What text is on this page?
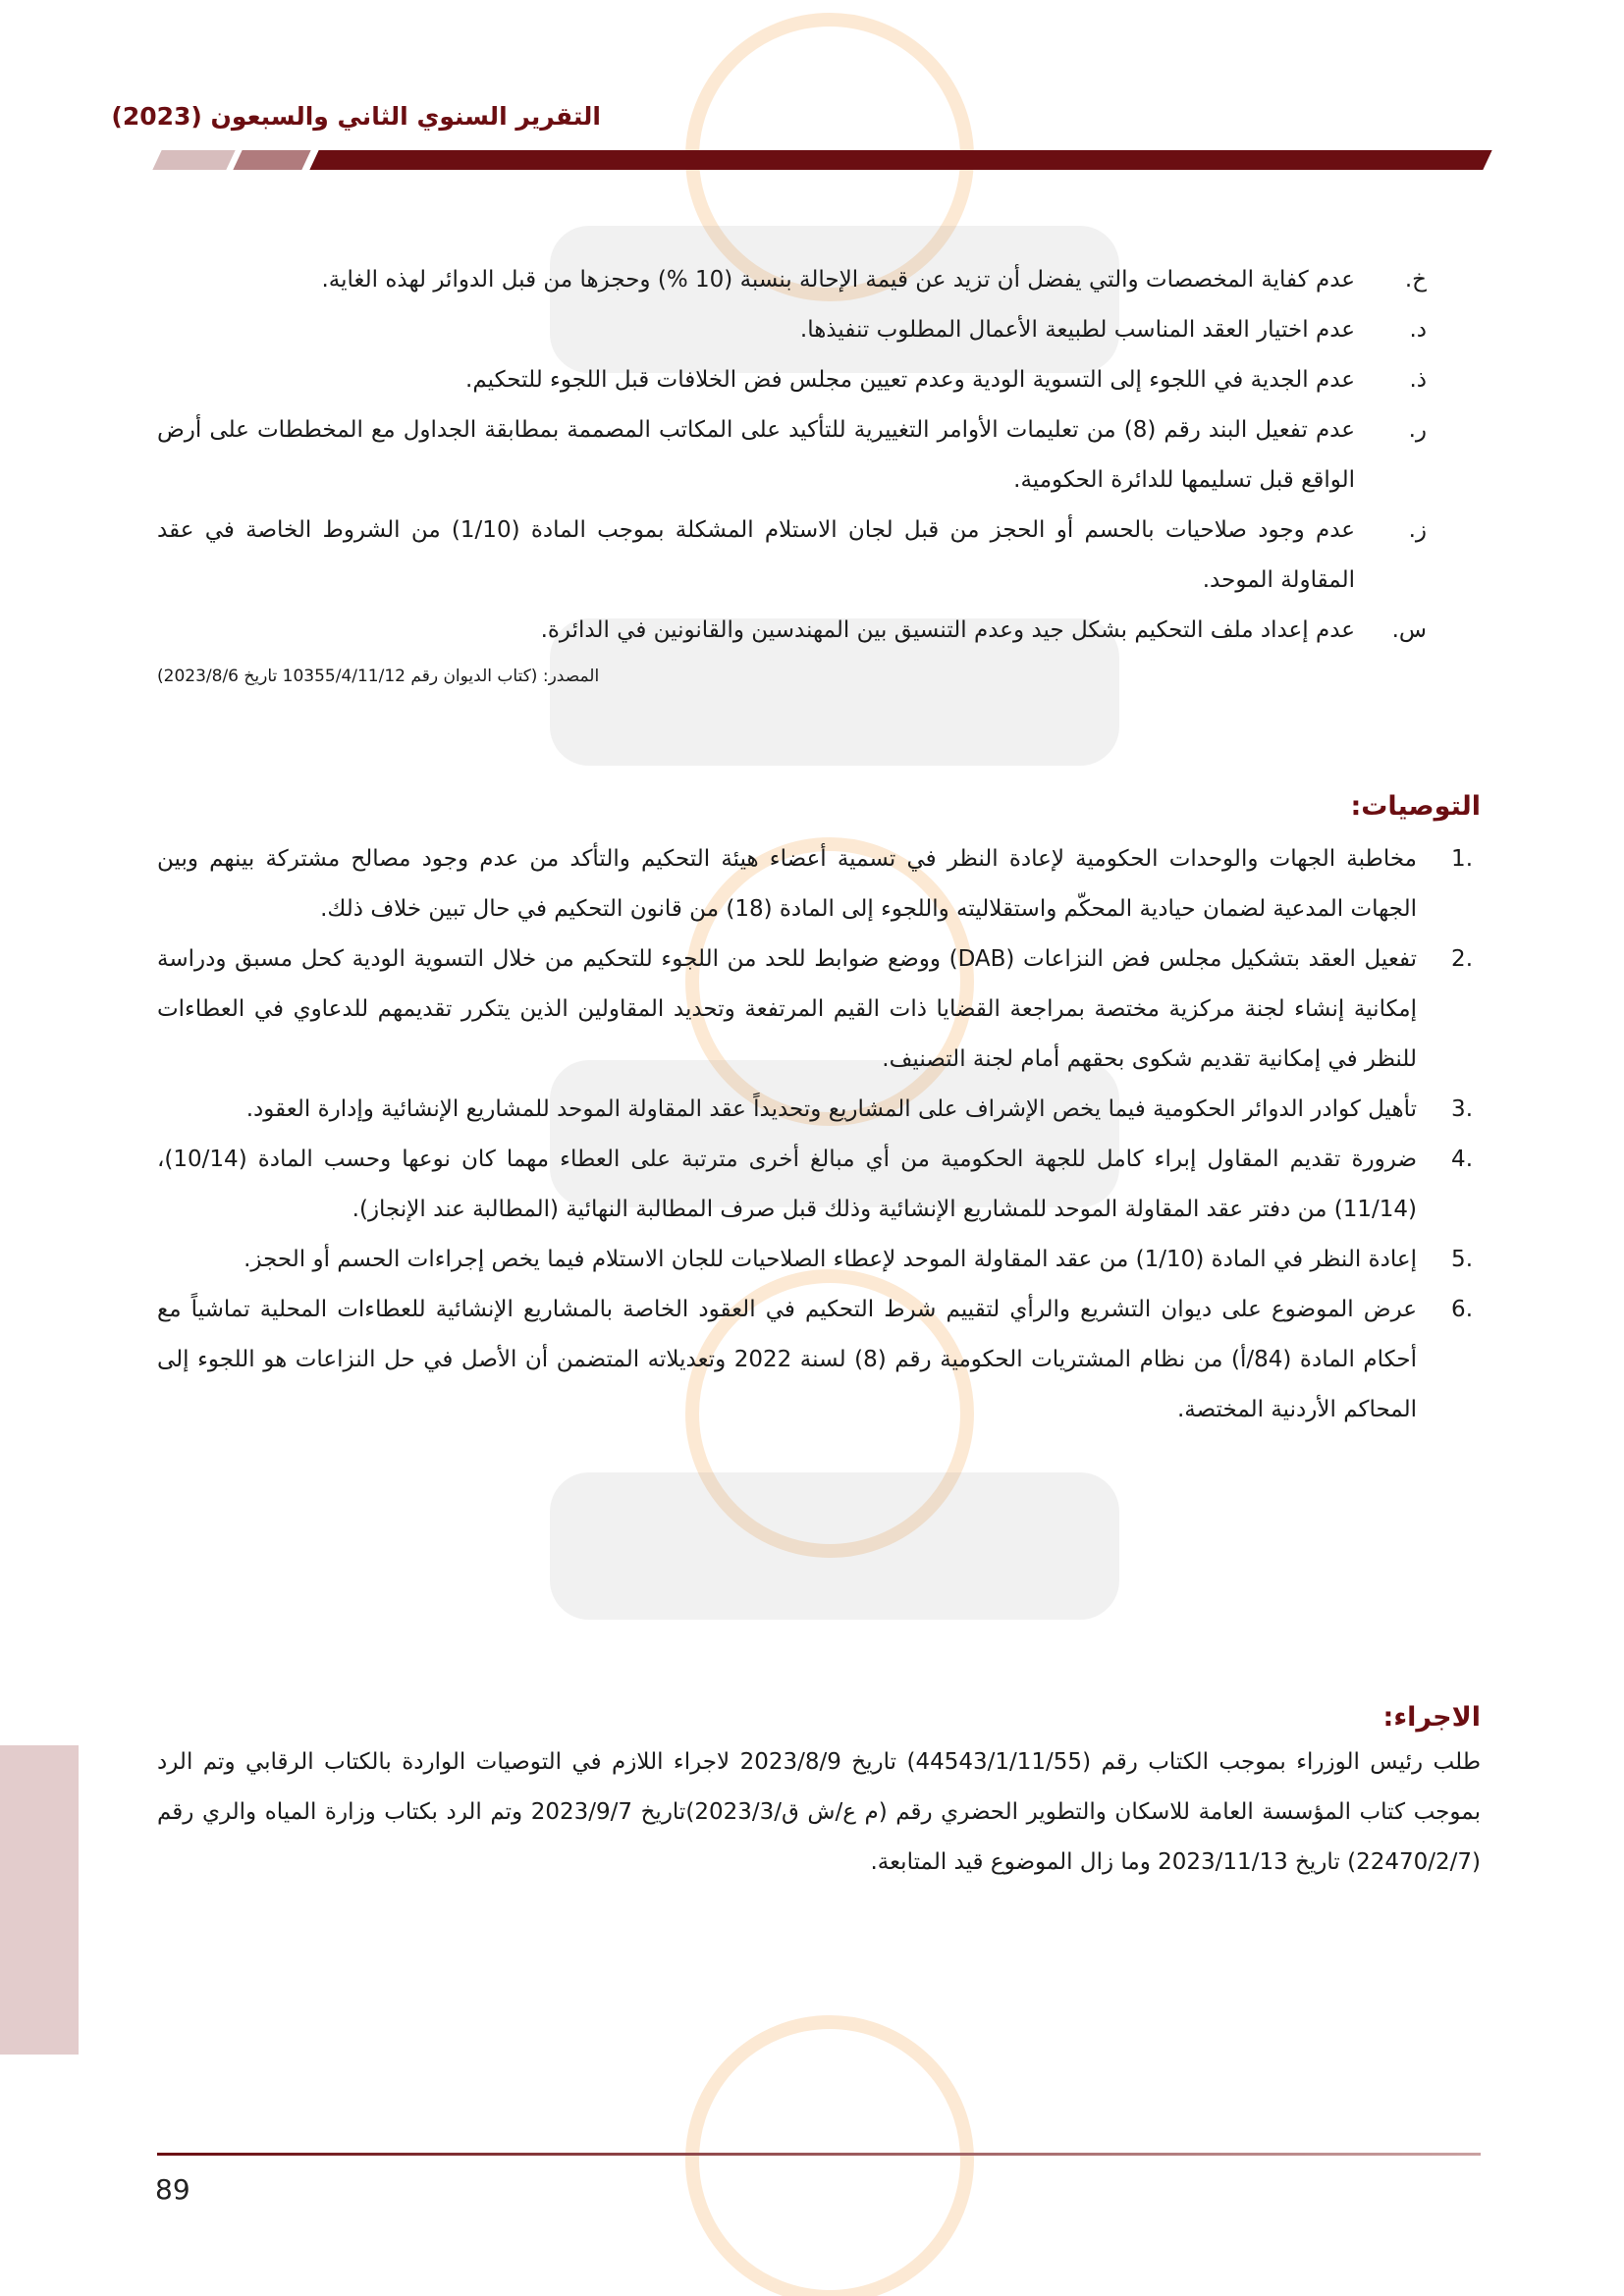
التقرير السنوي الثاني والسبعون (2023)
خ.
عدم كفاية المخصصات والتي يفضل أن تزيد عن قيمة الإحالة بنسبة (10 %) وحجزها من قبل الدوائر لهذه الغاية.
د.
عدم اختيار العقد المناسب لطبيعة الأعمال المطلوب تنفيذها.
ذ.
عدم الجدية في اللجوء إلى التسوية الودية وعدم تعيين مجلس فض الخلافات قبل اللجوء للتحكيم.
ر.
عدم تفعيل البند رقم (8) من تعليمات الأوامر التغييرية للتأكيد على المكاتب المصممة بمطابقة الجداول مع المخططات على أرض الواقع قبل تسليمها للدائرة الحكومية.
ز.
عدم وجود صلاحيات بالحسم أو الحجز من قبل لجان الاستلام المشكلة بموجب المادة (1/10) من الشروط الخاصة في عقد المقاولة الموحد.
س.
عدم إعداد ملف التحكيم بشكل جيد وعدم التنسيق بين المهندسين والقانونين في الدائرة.
المصدر: (كتاب الديوان رقم 10355/4/11/12 تاريخ 2023/8/6)
التوصيات:
.1
مخاطبة الجهات والوحدات الحكومية لإعادة النظر في تسمية أعضاء هيئة التحكيم والتأكد من عدم وجود مصالح مشتركة بينهم وبين الجهات المدعية لضمان حيادية المحكّم واستقلاليته واللجوء إلى المادة (18) من قانون التحكيم في حال تبين خلاف ذلك.
.2
تفعيل العقد بتشكيل مجلس فض النزاعات (DAB) ووضع ضوابط للحد من اللجوء للتحكيم من خلال التسوية الودية كحل مسبق ودراسة إمكانية إنشاء لجنة مركزية مختصة بمراجعة القضايا ذات القيم المرتفعة وتحديد المقاولين الذين يتكرر تقديمهم للدعاوي في العطاءات للنظر في إمكانية تقديم شكوى بحقهم أمام لجنة التصنيف.
.3
تأهيل كوادر الدوائر الحكومية فيما يخص الإشراف على المشاريع وتحديداً عقد المقاولة الموحد للمشاريع الإنشائية وإدارة العقود.
.4
ضرورة تقديم المقاول إبراء كامل للجهة الحكومية من أي مبالغ أخرى مترتبة على العطاء مهما كان نوعها وحسب المادة (10/14)، (11/14) من دفتر عقد المقاولة الموحد للمشاريع الإنشائية وذلك قبل صرف المطالبة النهائية (المطالبة عند الإنجاز).
.5
إعادة النظر في المادة (1/10) من عقد المقاولة الموحد لإعطاء الصلاحيات للجان الاستلام فيما يخص إجراءات الحسم أو الحجز.
.6
عرض الموضوع على ديوان التشريع والرأي لتقييم شرط التحكيم في العقود الخاصة بالمشاريع الإنشائية للعطاءات المحلية تماشياً مع أحكام المادة (84/أ) من نظام المشتريات الحكومية رقم (8) لسنة 2022 وتعديلاته المتضمن أن الأصل في حل النزاعات هو اللجوء إلى المحاكم الأردنية المختصة.
الاجراء:
طلب رئيس الوزراء بموجب الكتاب رقم (44543/1/11/55) تاريخ 2023/8/9 لاجراء اللازم في التوصيات الواردة بالكتاب الرقابي وتم الرد بموجب كتاب المؤسسة العامة للاسكان والتطوير الحضري رقم (م ع/ش ق/2023/3)تاريخ 2023/9/7 وتم الرد بكتاب وزارة المياه والري رقم (22470/2/7) تاريخ 2023/11/13 وما زال الموضوع قيد المتابعة.
89
